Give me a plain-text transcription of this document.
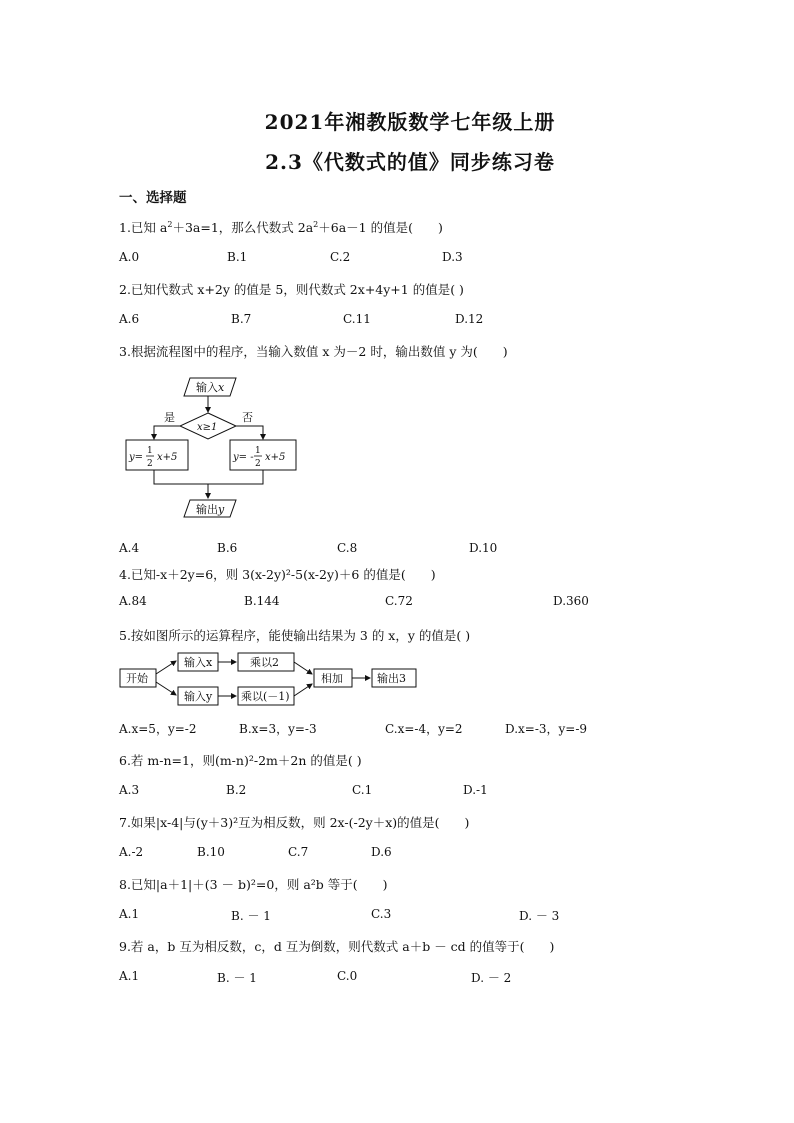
2021年湘教版数学七年级上册
2.3《代数式的值》同步练习卷
一、选择题
1.已知 $a^2+3a=1$，那么代数式 $2a^2+6a-1$ 的值是(　　)
A.0	B.1	C.2	D.3
2.已知代数式 x+2y 的值是 5，则代数式 2x+4y+1 的值是( )
A.6	B.7	C.11	D.12
3.根据流程图中的程序，当输入数值 x 为－2 时，输出数值 y 为(　　)
输入 x
x≥1
是	否
y=
1
2
x+5	y= -
1
2
x+5
输出 y
A.4	B.6	C.8	D.10
4.已知-x＋2y=6，则 3(x-2y)²-5(x-2y)＋6 的值是(　　)
A.84	B.144	C.72	D.360
5.按如图所示的运算程序，能使输出结果为 3 的 x，y 的值是( )
开始
输入x
输入y
乘以2
乘以(－1)
相加	输出3
A.x=5，y=-2	B.x=3，y=-3	C.x=-4，y=2	D.x=-3，y=-9
6.若 m-n=1，则(m-n)²-2m＋2n 的值是( )
A.3	B.2	C.1	D.-1
7.如果|x-4|与(y＋3)²互为相反数，则 2x-(-2y＋x)的值是(　　)
A.-2	B.10	C.7	D.6
8.已知|a＋1|＋(3 － b)²=0，则 a²b 等于(　　)
A.1	B. － 1	C.3	D. － 3
9.若 a，b 互为相反数，c，d 互为倒数，则代数式 a＋b － cd 的值等于(　　)
A.1	B. － 1	C.0	D. － 2
